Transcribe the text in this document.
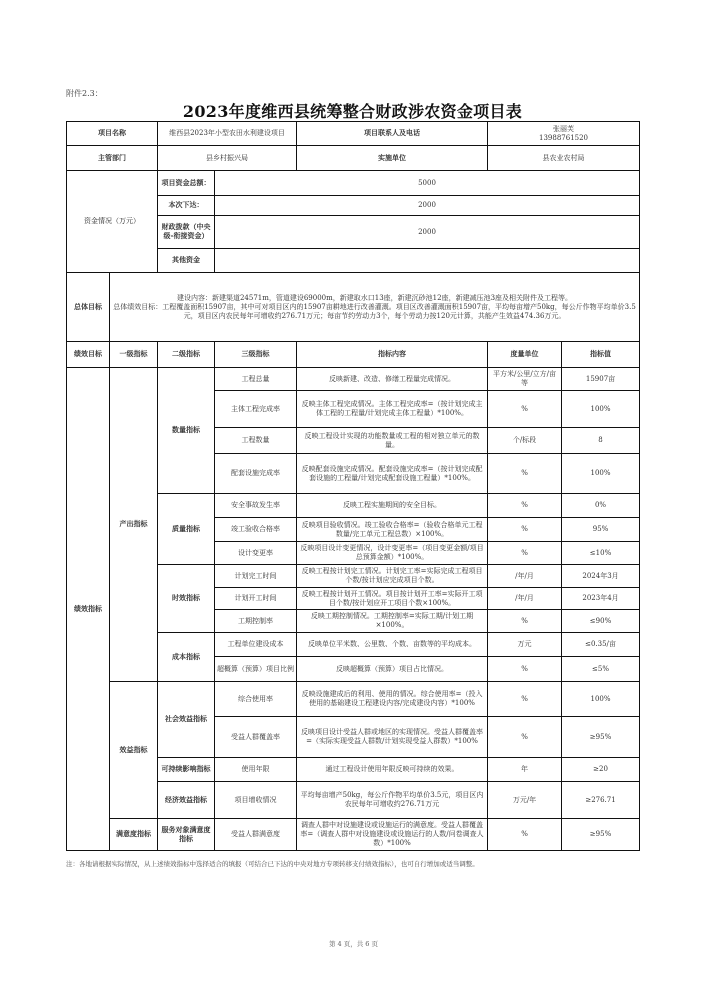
附件2.3：
2023年度维西县统筹整合财政涉农资金项目表
项目名称		维西县2023年小型农田水利建设项目		项目联系人及电话	张丽芙
13988761520	

主管部门		县乡村振兴局		实施单位	县农业农村局	
资金情况（万元）		项目资金总额：	5000			
		本次下达：	2000			
		财政拨款（中央级-衔接资金）	2000			
		其他资金				
总体目标	建设内容：新建渠道24571m，管道建设69000m，新建取水口13座，新建沉砂池12座，新建减压池3座及相关附件及工程等。
总体绩效目标：工程覆盖面积15907亩，其中可对项目区内的15907亩耕地进行改善灌溉。项目区改善灌溉面积15907亩，平均每亩增产50kg，每公斤作物平均单价3.5元，项目区内农民每年可增收约276.71万元；每亩节约劳动力3个，每个劳动力按120元计算，共能产生效益474.36万元。					

绩效目标	一级指标	二级指标	三级指标	指标内容	度量单位	指标值
绩效指标	产出指标	数量指标	工程总量	反映新建、改造、修缮工程量完成情况。	平方米/公里/立方/亩等	15907亩
			主体工程完成率	反映主体工程完成情况。主体工程完成率=（按计划完成主体工程的工程量/计划完成主体工程量）*100%。	%	100%
			工程数量	反映工程设计实现的功能数量或工程的相对独立单元的数量。	个/标段	8
			配套设施完成率	反映配套设施完成情况。配套设施完成率=（按计划完成配套设施的工程量/计划完成配套设施工程量）*100%。	%	100%
		质量指标	安全事故发生率	反映工程实施期间的安全目标。	%	0%
			竣工验收合格率	反映项目验收情况。竣工验收合格率=（验收合格单元工程数量/完工单元工程总数）×100%。	%	95%
			设计变更率	反映项目设计变更情况，设计变更率=（项目变更金额/项目总预算金额）*100%。	%	≤10%
		时效指标	计划完工时间	反映工程按计划完工情况。计划完工率=实际完成工程项目个数/按计划应完成项目个数。	/年/月	2024年3月
			计划开工时间	反映工程按计划开工情况。项目按计划开工率=实际开工项目个数/按计划应开工项目个数×100%。	/年/月	2023年4月
			工期控制率	反映工期控制情况。工期控制率=实际工期/计划工期×100%。	%	≤90%
		成本指标	工程单位建设成本	反映单位平米数、公里数、个数、亩数等的平均成本。	万元	≤0.35/亩
			超概算（预算）项目比例	反映超概算（预算）项目占比情况。	%	≤5%
	效益指标	社会效益指标	综合使用率	反映设施建成后的利用、使用的情况。综合使用率=（投入使用的基础建设工程建设内容/完成建设内容）*100%	%	100%
			受益人群覆盖率	反映项目设计受益人群或地区的实现情况。受益人群覆盖率=（实际实现受益人群数/计划实现受益人群数）*100%	%	≥95%
		可持续影响指标	使用年限	通过工程设计使用年限反映可持续的效果。	年	≥20
		经济效益指标	项目增收情况	平均每亩增产50kg，每公斤作物平均单价3.5元，项目区内农民每年可增收约276.71万元	万元/年	≥276.71
	满意度指标	服务对象满意度指标	受益人群满意度	调查人群中对设施建设或设施运行的满意度。受益人群覆盖率=（调查人群中对设施建设或设施运行的人数/问卷调查人数）*100%	%	≥95%
注：各地请根据实际情况，从上述绩效指标中选择适合的填报（可结合已下达的中央对地方专项转移支付绩效指标），也可自行增加或适当调整。
第 4 页，共 6 页
